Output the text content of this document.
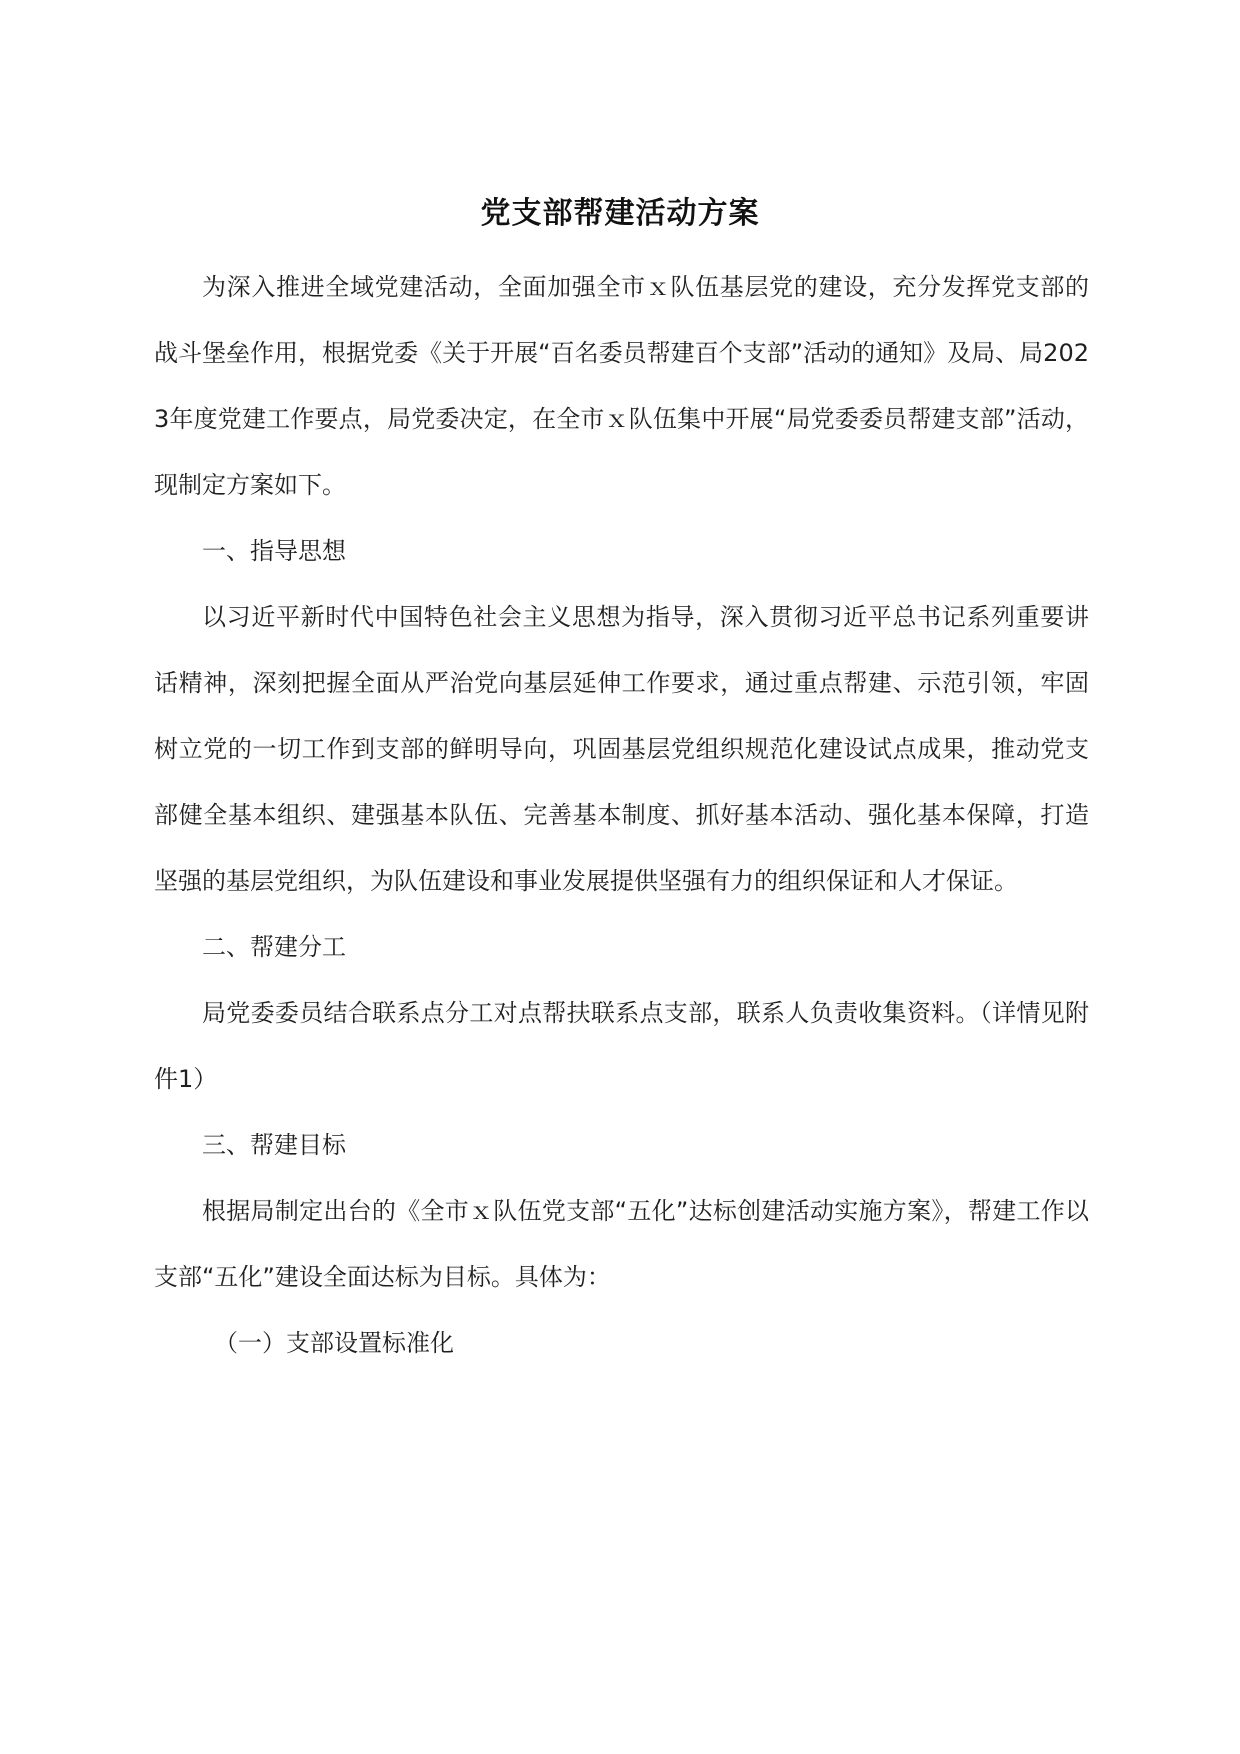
党支部帮建活动方案

为深入推进全域党建活动，全面加强全市ｘ队伍基层党的建设，充分发挥党支部的战斗堡垒作用，根据党委《关于开展“百名委员帮建百个支部”活动的通知》及局、局2023年度党建工作要点，局党委决定，在全市ｘ队伍集中开展“局党委委员帮建支部”活动，现制定方案如下。

一、指导思想

以习近平新时代中国特色社会主义思想为指导，深入贯彻习近平总书记系列重要讲话精神，深刻把握全面从严治党向基层延伸工作要求，通过重点帮建、示范引领，牢固树立党的一切工作到支部的鲜明导向，巩固基层党组织规范化建设试点成果，推动党支部健全基本组织、建强基本队伍、完善基本制度、抓好基本活动、强化基本保障，打造坚强的基层党组织，为队伍建设和事业发展提供坚强有力的组织保证和人才保证。

二、帮建分工

局党委委员结合联系点分工对点帮扶联系点支部，联系人负责收集资料。（详情见附件1）

三、帮建目标

根据局制定出台的《全市ｘ队伍党支部“五化”达标创建活动实施方案》，帮建工作以支部“五化”建设全面达标为目标。具体为：

（一）支部设置标准化
